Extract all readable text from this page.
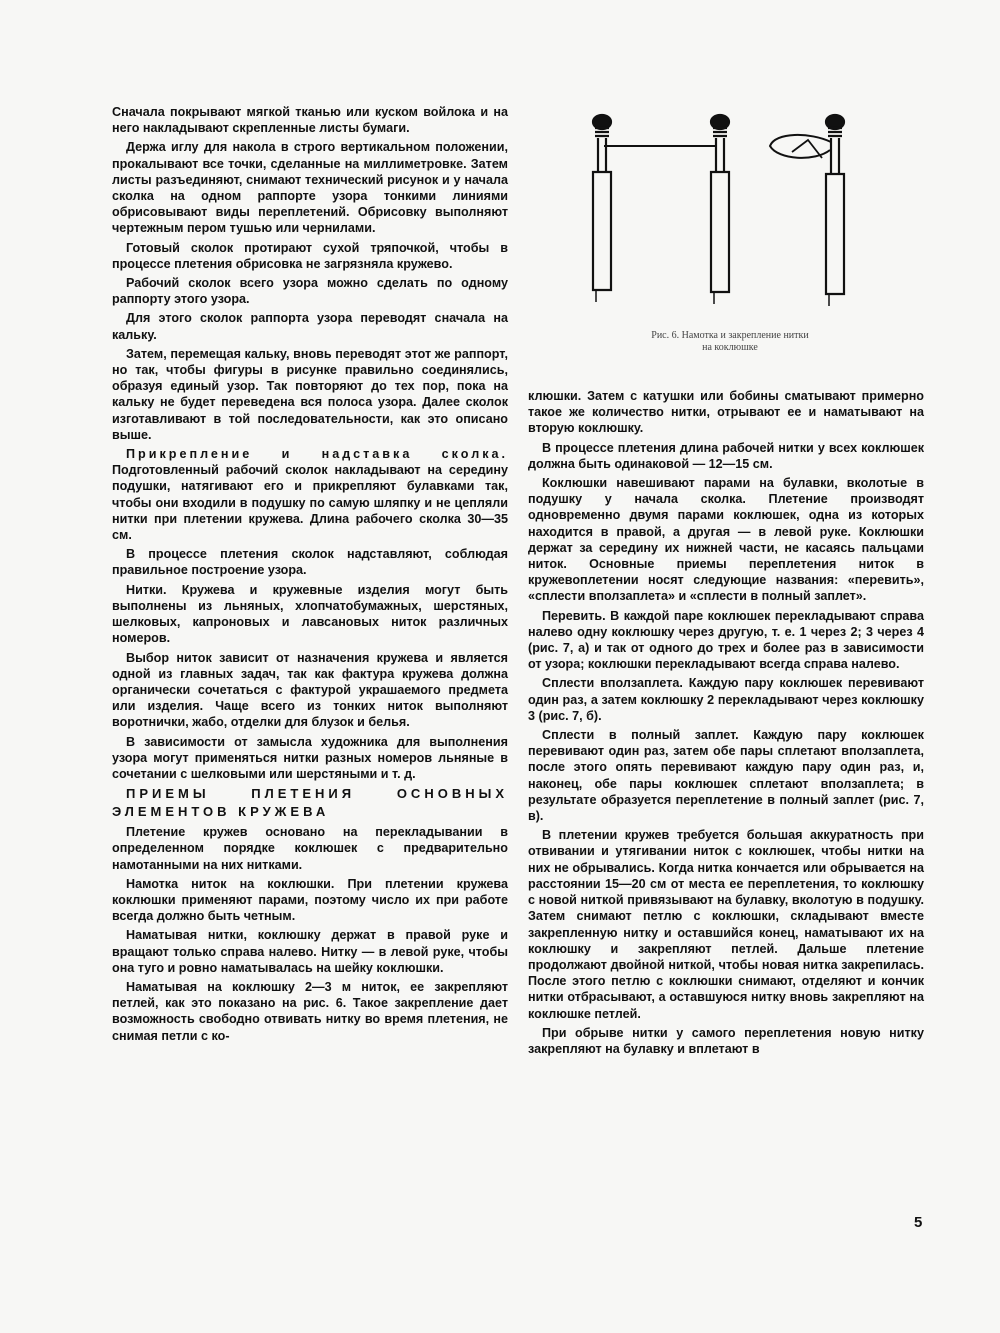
Сначала покрывают мягкой тканью или куском войлока и на него накладывают скрепленные листы бумаги.

Держа иглу для накола в строго вертикальном положении, прокалывают все точки, сделанные на миллиметровке. Затем листы разъединяют, снимают технический рисунок и у начала сколка на одном раппорте узора тонкими линиями обрисовывают виды переплетений. Обрисовку выполняют чертежным пером тушью или чернилами.

Готовый сколок протирают сухой тряпочкой, чтобы в процессе плетения обрисовка не загрязняла кружево.

Рабочий сколок всего узора можно сделать по одному раппорту этого узора.

Для этого сколок раппорта узора переводят сначала на кальку.

Затем, перемещая кальку, вновь переводят этот же раппорт, но так, чтобы фигуры в рисунке правильно соединялись, образуя единый узор. Так повторяют до тех пор, пока на кальку не будет переведена вся полоса узора. Далее сколок изготавливают в той последовательности, как это описано выше.

Прикрепление и надставка сколка. Подготовленный рабочий сколок накладывают на середину подушки, натягивают его и прикрепляют булавками так, чтобы они входили в подушку по самую шляпку и не цепляли нитки при плетении кружева. Длина рабочего сколка 30—35 см.

В процессе плетения сколок надставляют, соблюдая правильное построение узора.

Нитки. Кружева и кружевные изделия могут быть выполнены из льняных, хлопчатобумажных, шерстяных, шелковых, капроновых и лавсановых ниток различных номеров.

Выбор ниток зависит от назначения кружева и является одной из главных задач, так как фактура кружева должна органически сочетаться с фактурой украшаемого предмета или изделия. Чаще всего из тонких ниток выполняют воротнички, жабо, отделки для блузок и белья.

В зависимости от замысла художника для выполнения узора могут применяться нитки разных номеров льняные в сочетании с шелковыми или шерстяными и т. д.

ПРИЕМЫ ПЛЕТЕНИЯ ОСНОВНЫХ ЭЛЕМЕНТОВ КРУЖЕВА

Плетение кружев основано на перекладывании в определенном порядке коклюшек с предварительно намотанными на них нитками.

Намотка ниток на коклюшки. При плетении кружева коклюшки применяют парами, поэтому число их при работе всегда должно быть четным.

Наматывая нитки, коклюшку держат в правой руке и вращают только справа налево. Нитку — в левой руке, чтобы она туго и ровно наматывалась на шейку коклюшки.

Наматывая на коклюшку 2—3 м ниток, ее закрепляют петлей, как это показано на рис. 6. Такое закрепление дает возможность свободно отвивать нитку во время плетения, не снимая петли с ко-

Рис. 6. Намотка и закрепление нитки
на коклюшке

клюшки. Затем с катушки или бобины сматывают примерно такое же количество нитки, отрывают ее и наматывают на вторую коклюшку.

В процессе плетения длина рабочей нитки у всех коклюшек должна быть одинаковой — 12—15 см.

Коклюшки навешивают парами на булавки, вколотые в подушку у начала сколка. Плетение производят одновременно двумя парами коклюшек, одна из которых находится в правой, а другая — в левой руке. Коклюшки держат за середину их нижней части, не касаясь пальцами ниток. Основные приемы переплетения ниток в кружевоплетении носят следующие названия: «перевить», «сплести вползаплета» и «сплести в полный заплет».

Перевить. В каждой паре коклюшек перекладывают справа налево одну коклюшку через другую, т. е. 1 через 2; 3 через 4 (рис. 7, а) и так от одного до трех и более раз в зависимости от узора; коклюшки перекладывают всегда справа налево.

Сплести вползаплета. Каждую пару коклюшек перевивают один раз, а затем коклюшку 2 перекладывают через коклюшку 3 (рис. 7, б).

Сплести в полный заплет. Каждую пару коклюшек перевивают один раз, затем обе пары сплетают вползаплета, после этого опять перевивают каждую пару один раз, и, наконец, обе пары коклюшек сплетают вползаплета; в результате образуется переплетение в полный заплет (рис. 7, в).

В плетении кружев требуется большая аккуратность при отвивании и утягивании ниток с коклюшек, чтобы нитки на них не обрывались. Когда нитка кончается или обрывается на расстоянии 15—20 см от места ее переплетения, то коклюшку с новой ниткой привязывают на булавку, вколотую в подушку. Затем снимают петлю с коклюшки, складывают вместе закрепленную нитку и оставшийся конец, наматывают их на коклюшку и закрепляют петлей. Дальше плетение продолжают двойной ниткой, чтобы новая нитка закрепилась. После этого петлю с коклюшки снимают, отделяют и кончик нитки отбрасывают, а оставшуюся нитку вновь закрепляют на коклюшке петлей.

При обрыве нитки у самого переплетения новую нитку закрепляют на булавку и вплетают в

5
